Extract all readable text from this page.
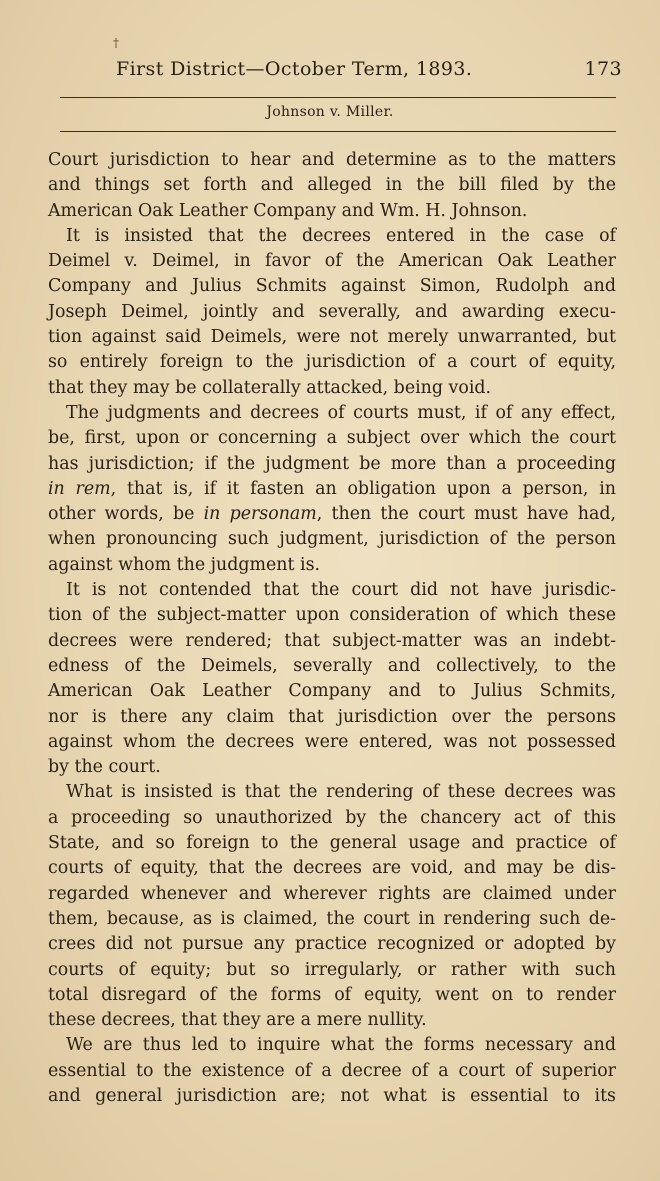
†
First District—October Term, 1893.	173
Johnson v. Miller.
Court jurisdiction to hear and determine as to the matters
and things set forth and alleged in the bill filed by the
American Oak Leather Company and Wm. H. Johnson.
It is insisted that the decrees entered in the case of
Deimel v. Deimel, in favor of the American Oak Leather
Company and Julius Schmits against Simon, Rudolph and
Joseph Deimel, jointly and severally, and awarding execu-
tion against said Deimels, were not merely unwarranted, but
so entirely foreign to the jurisdiction of a court of equity,
that they may be collaterally attacked, being void.
The judgments and decrees of courts must, if of any effect,
be, first, upon or concerning a subject over which the court
has jurisdiction; if the judgment be more than a proceeding
in rem, that is, if it fasten an obligation upon a person, in
other words, be in personam, then the court must have had,
when pronouncing such judgment, jurisdiction of the person
against whom the judgment is.
It is not contended that the court did not have jurisdic-
tion of the subject-matter upon consideration of which these
decrees were rendered; that subject-matter was an indebt-
edness of the Deimels, severally and collectively, to the
American Oak Leather Company and to Julius Schmits,
nor is there any claim that jurisdiction over the persons
against whom the decrees were entered, was not possessed
by the court.
What is insisted is that the rendering of these decrees was
a proceeding so unauthorized by the chancery act of this
State, and so foreign to the general usage and practice of
courts of equity, that the decrees are void, and may be dis-
regarded whenever and wherever rights are claimed under
them, because, as is claimed, the court in rendering such de-
crees did not pursue any practice recognized or adopted by
courts of equity; but so irregularly, or rather with such
total disregard of the forms of equity, went on to render
these decrees, that they are a mere nullity.
We are thus led to inquire what the forms necessary and
essential to the existence of a decree of a court of superior
and general jurisdiction are; not what is essential to its
